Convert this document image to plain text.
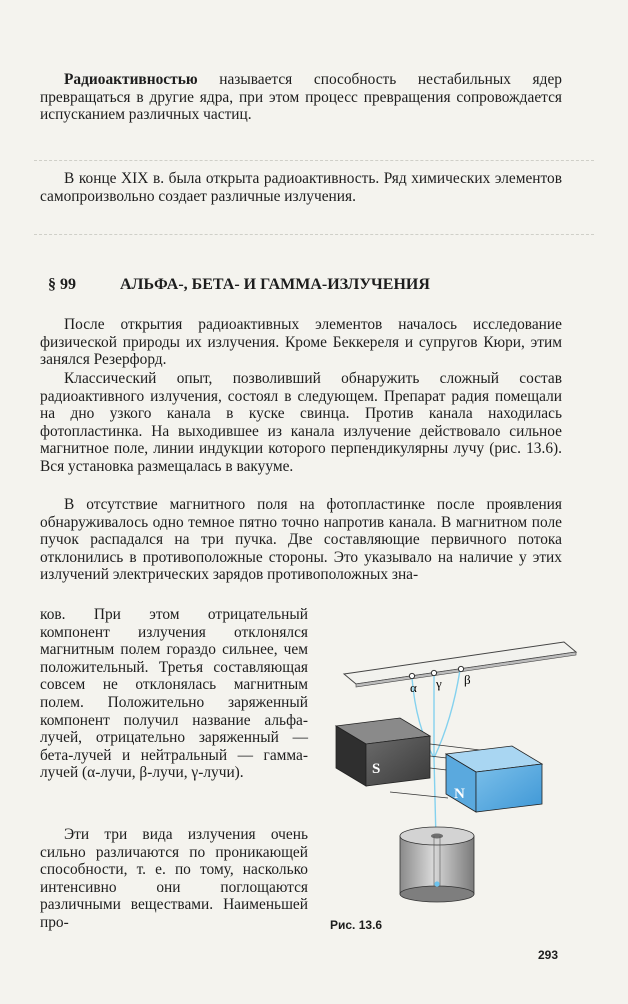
Радиоактивностью называется способность нестабильных ядер превращаться в другие ядра, при этом процесс превращения сопровождается испусканием различных частиц.

В конце XIX в. была открыта радиоактивность. Ряд химических элементов самопроизвольно создает различные излучения.

§ 99	АЛЬФА-, БЕТА- И ГАММА-ИЗЛУЧЕНИЯ

После открытия радиоактивных элементов началось исследование физической природы их излучения. Кроме Беккереля и супругов Кюри, этим занялся Резерфорд.

Классический опыт, позволивший обнаружить сложный состав радиоактивного излучения, состоял в следующем. Препарат радия помещали на дно узкого канала в куске свинца. Против канала находилась фотопластинка. На выходившее из канала излучение действовало сильное магнитное поле, линии индукции которого перпендикулярны лучу (рис. 13.6). Вся установка размещалась в вакууме.

В отсутствие магнитного поля на фотопластинке после проявления обнаруживалось одно темное пятно точно напротив канала. В магнитном поле пучок распадался на три пучка. Две составляющие первичного потока отклонились в противоположные стороны. Это указывало на наличие у этих излучений электрических зарядов противоположных зна-

ков. При этом отрицательный компонент излучения отклонялся магнитным полем гораздо сильнее, чем положительный. Третья составляющая совсем не отклонялась магнитным полем. Положительно заряженный компонент получил название альфа-лучей, отрицательно заряженный — бета-лучей и нейтральный — гамма-лучей (α-лучи, β-лучи, γ-лучи).

Эти три вида излучения очень сильно различаются по проникающей способности, т. е. по тому, насколько интенсивно они поглощаются различными веществами. Наименьшей про-

α γ β
S
N
Рис. 13.6
293
